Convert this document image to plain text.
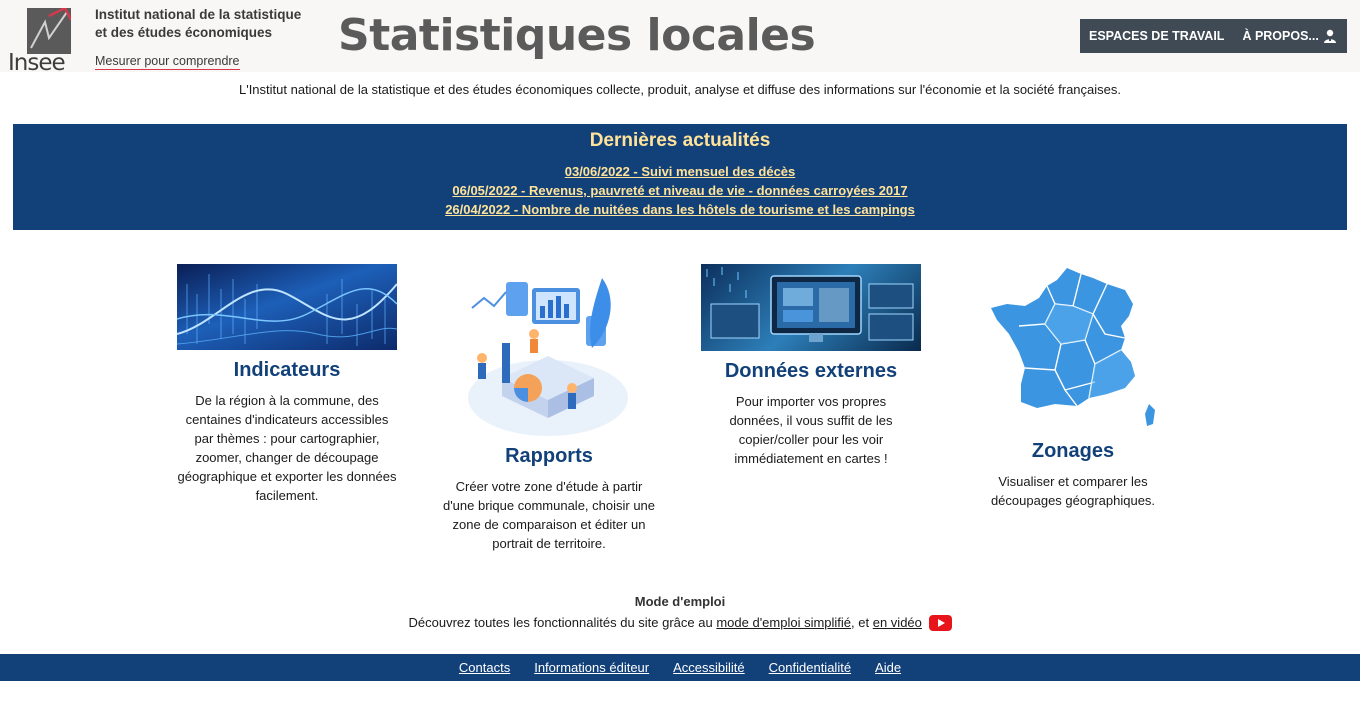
Insee
Institut national de la statistique et des études économiques
Mesurer pour comprendre Statistiques locales	ESPACES DE TRAVAIL	À PROPOS...
L'Institut national de la statistique et des études économiques collecte, produit, analyse et diffuse des informations sur l'économie et la société françaises.
Dernières actualités
03/06/2022 - Suivi mensuel des décès
06/05/2022 - Revenus, pauvreté et niveau de vie - données carroyées 2017
26/04/2022 - Nombre de nuitées dans les hôtels de tourisme et les campings
Indicateurs
De la région à la commune, des centaines d'indicateurs accessibles par thèmes : pour cartographier, zoomer, changer de découpage géographique et exporter les données facilement.
Rapports
Créer votre zone d'étude à partir d'une brique communale, choisir une zone de comparaison et éditer un portrait de territoire.
Données externes
Pour importer vos propres données, il vous suffit de les copier/coller pour les voir immédiatement en cartes !	Zonages
Visualiser et comparer les découpages géographiques.
Mode d'emploi
Découvrez toutes les fonctionnalités du site grâce au mode d'emploi simplifié, et en vidéo
Contacts Informations éditeur Accessibilité Confidentialité Aide
